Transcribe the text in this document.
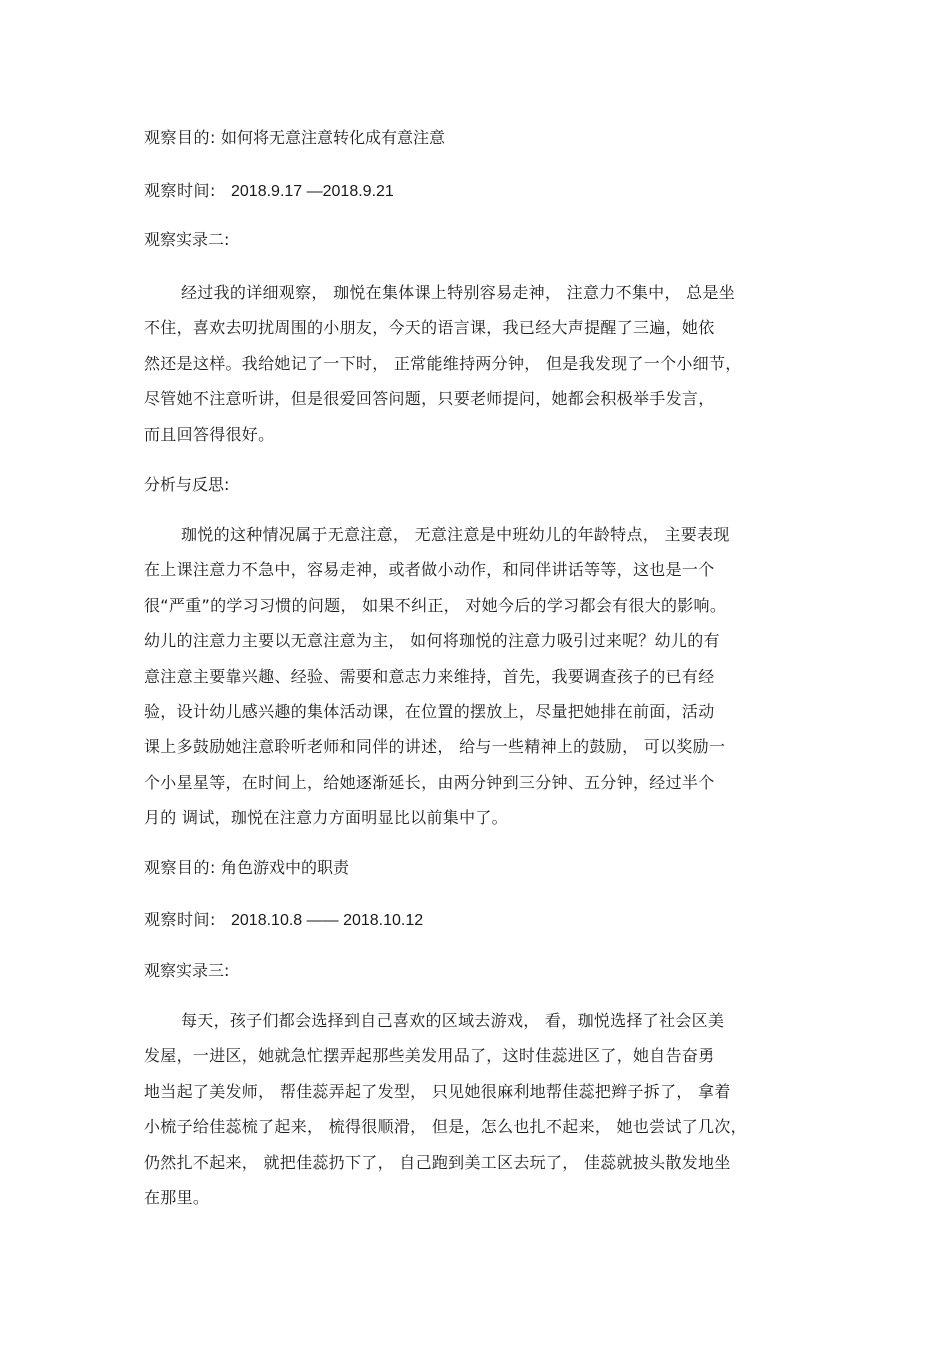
观察目的: 如何将无意注意转化成有意注意
观察时间: 2018.9.17 —2018.9.21
观察实录二:
经过我的详细观察， 珈悦在集体课上特别容易走神， 注意力不集中， 总是坐
不住，喜欢去叨扰周围的小朋友，今天的语言课，我已经大声提醒了三遍，她依
然还是这样。我给她记了一下时， 正常能维持两分钟， 但是我发现了一个小细节，
尽管她不注意听讲，但是很爱回答问题，只要老师提问，她都会积极举手发言，
而且回答得很好。
分析与反思:
珈悦的这种情况属于无意注意， 无意注意是中班幼儿的年龄特点， 主要表现
在上课注意力不急中，容易走神，或者做小动作，和同伴讲话等等，这也是一个
很“严重”的学习习惯的问题， 如果不纠正， 对她今后的学习都会有很大的影响。
幼儿的注意力主要以无意注意为主， 如何将珈悦的注意力吸引过来呢？幼儿的有
意注意主要靠兴趣、经验、需要和意志力来维持，首先，我要调查孩子的已有经
验，设计幼儿感兴趣的集体活动课，在位置的摆放上，尽量把她排在前面，活动
课上多鼓励她注意聆听老师和同伴的讲述， 给与一些精神上的鼓励， 可以奖励一
个小星星等，在时间上，给她逐渐延长，由两分钟到三分钟、五分钟，经过半个
月的 调试，珈悦在注意力方面明显比以前集中了。
观察目的: 角色游戏中的职责
观察时间: 2018.10.8 —— 2018.10.12
观察实录三:
每天，孩子们都会选择到自己喜欢的区域去游戏， 看，珈悦选择了社会区美
发屋，一进区，她就急忙摆弄起那些美发用品了，这时佳蕊进区了，她自告奋勇
地当起了美发师， 帮佳蕊弄起了发型， 只见她很麻利地帮佳蕊把辫子拆了， 拿着
小梳子给佳蕊梳了起来， 梳得很顺滑， 但是，怎么也扎不起来， 她也尝试了几次，
仍然扎不起来， 就把佳蕊扔下了， 自己跑到美工区去玩了， 佳蕊就披头散发地坐
在那里。
